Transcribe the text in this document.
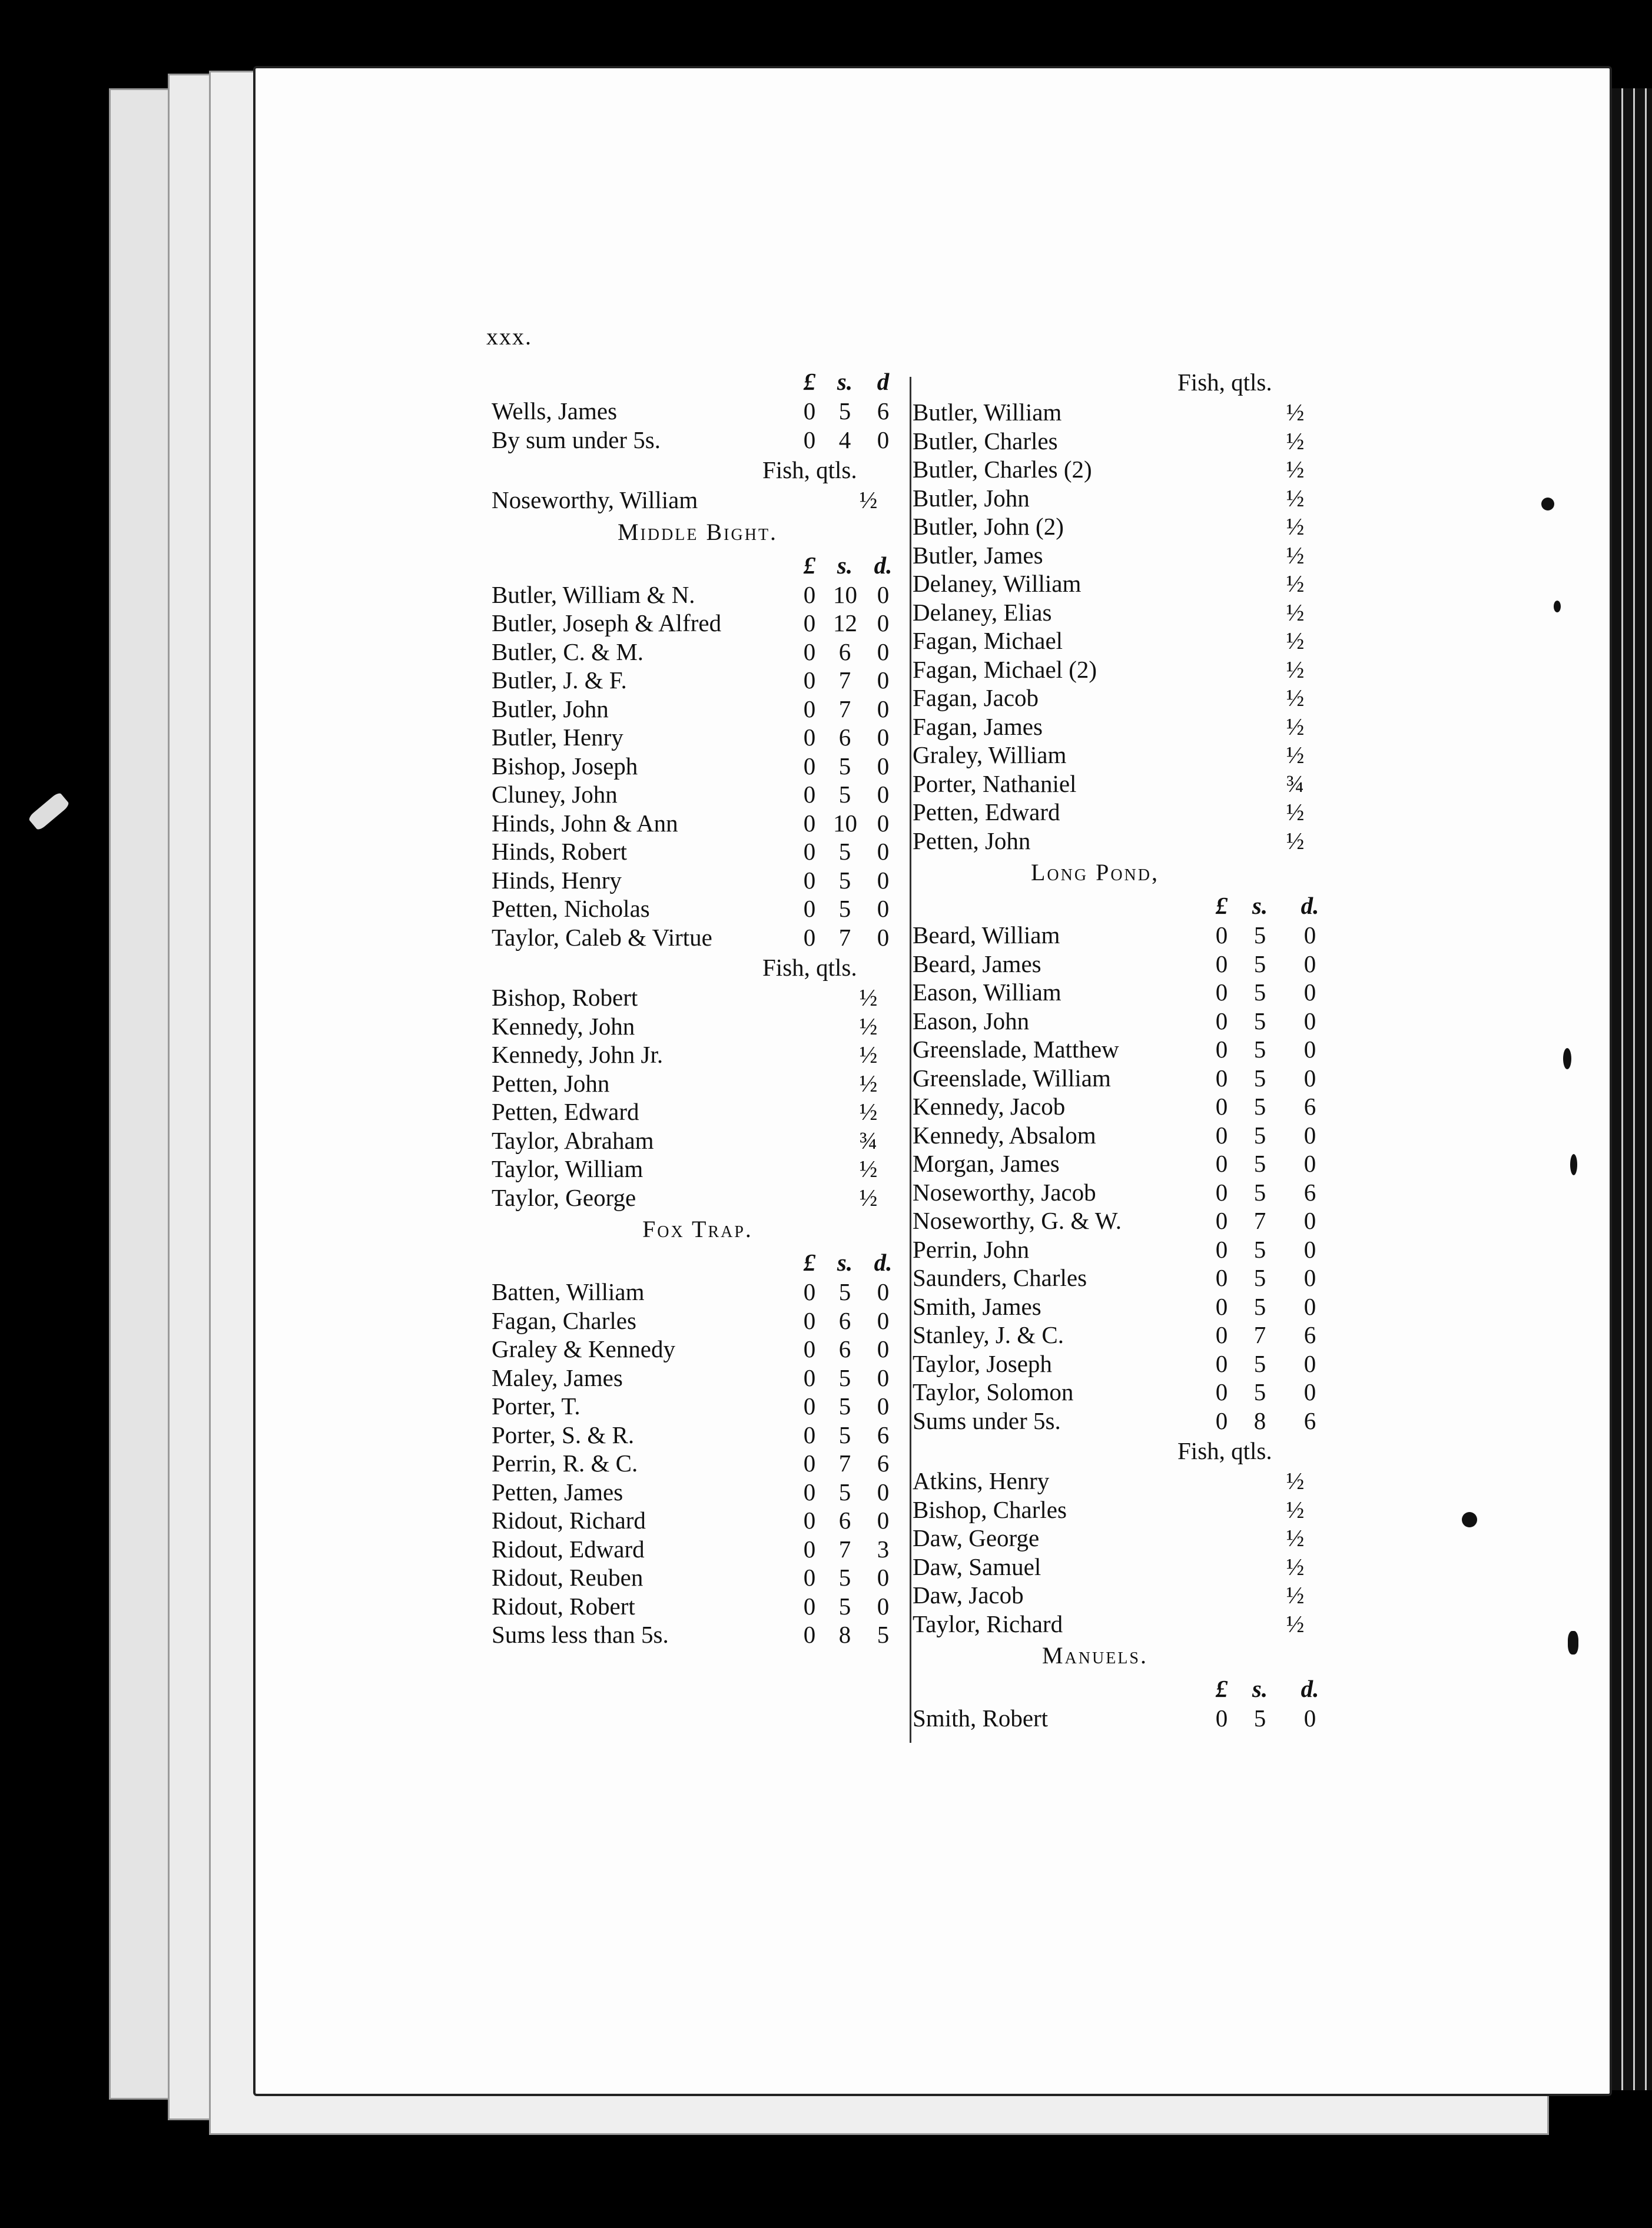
xxx.
£ s. d
Wells, James	0 5 6
By sum under 5s.	0 4 0
Fish, qtls.
Noseworthy, William	½
Middle Bight.
£ s. d.
Butler, William & N.	0 10 0
Butler, Joseph & Alfred	0 12 0
Butler, C. & M.	0 6 0
Butler, J. & F.	0 7 0
Butler, John	0 7 0
Butler, Henry	0 6 0
Bishop, Joseph	0 5 0
Cluney, John	0 5 0
Hinds, John & Ann	0 10 0
Hinds, Robert	0 5 0
Hinds, Henry	0 5 0
Petten, Nicholas	0 5 0
Taylor, Caleb & Virtue	0 7 0
Fish, qtls.
Bishop, Robert	½
Kennedy, John	½
Kennedy, John Jr.	½
Petten, John	½
Petten, Edward	½
Taylor, Abraham	¾
Taylor, William	½
Taylor, George	½
Fox Trap.
£ s. d.
Batten, William	0 5 0
Fagan, Charles	0 6 0
Graley & Kennedy	0 6 0
Maley, James	0 5 0
Porter, T.	0 5 0
Porter, S. & R.	0 5 6
Perrin, R. & C.	0 7 6
Petten, James	0 5 0
Ridout, Richard	0 6 0
Ridout, Edward	0 7 3
Ridout, Reuben	0 5 0
Ridout, Robert	0 5 0
Sums less than 5s.	0 8 5
Fish, qtls.
Butler, William	½
Butler, Charles	½
Butler, Charles (2)	½
Butler, John	½
Butler, John (2)	½
Butler, James	½
Delaney, William	½
Delaney, Elias	½
Fagan, Michael	½
Fagan, Michael (2)	½
Fagan, Jacob	½
Fagan, James	½
Graley, William	½
Porter, Nathaniel	¾
Petten, Edward	½
Petten, John	½
Long Pond,
£ s. d.
Beard, William	0 5 0
Beard, James	0 5 0
Eason, William	0 5 0
Eason, John	0 5 0
Greenslade, Matthew	0 5 0
Greenslade, William	0 5 0
Kennedy, Jacob	0 5 6
Kennedy, Absalom	0 5 0
Morgan, James	0 5 0
Noseworthy, Jacob	0 5 6
Noseworthy, G. & W.	0 7 0
Perrin, John	0 5 0
Saunders, Charles	0 5 0
Smith, James	0 5 0
Stanley, J. & C.	0 7 6
Taylor, Joseph	0 5 0
Taylor, Solomon	0 5 0
Sums under 5s.	0 8 6
Fish, qtls.
Atkins, Henry	½
Bishop, Charles	½
Daw, George	½
Daw, Samuel	½
Daw, Jacob	½
Taylor, Richard	½
Manuels.
£ s. d.
Smith, Robert	0 5 0
